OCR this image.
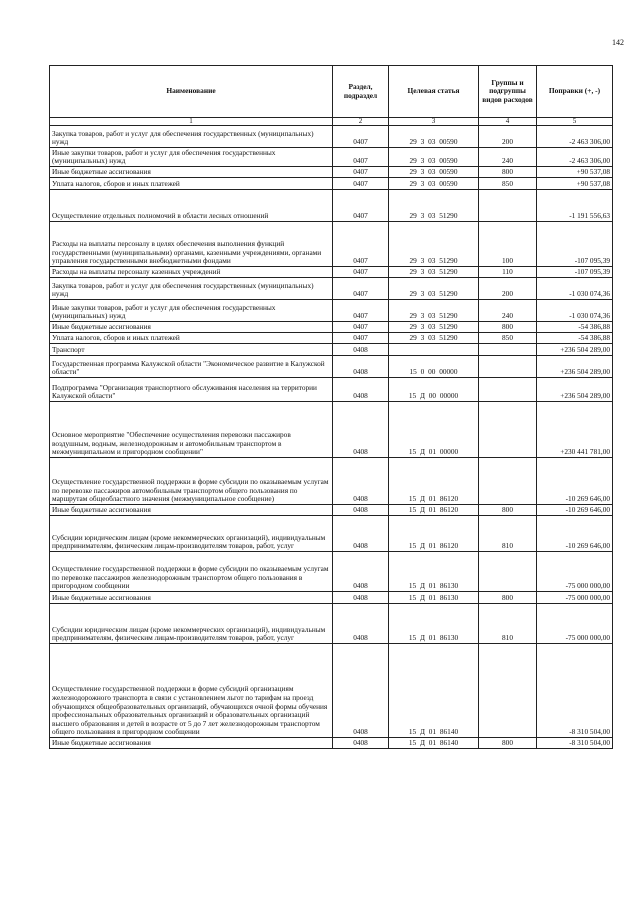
142
Наименование	Раздел, подраздел	Целевая статья	Группы и подгруппы видов расходов	Поправки (+, -)
1	2	3	4	5
Закупка товаров, работ и услуг для обеспечения государственных (муниципальных) нужд	0407	29 3 03 00590	200	-2 463 306,00
Иные закупки товаров, работ и услуг для обеспечения государственных (муниципальных) нужд	0407	29 3 03 00590	240	-2 463 306,00
Иные бюджетные ассигнования	0407	29 3 03 00590	800	+90 537,08
Уплата налогов, сборов и иных платежей	0407	29 3 03 00590	850	+90 537,08
Осуществление отдельных полномочий в области лесных отношений	0407	29 3 03 51290		-1 191 556,63
Расходы на выплаты персоналу в целях обеспечения выполнения функций государственными (муниципальными) органами, казенными учреждениями, органами управления государственными внебюджетными фондами	0407	29 3 03 51290	100	-107 095,39
Расходы на выплаты персоналу казенных учреждений	0407	29 3 03 51290	110	-107 095,39
Закупка товаров, работ и услуг для обеспечения государственных (муниципальных) нужд	0407	29 3 03 51290	200	-1 030 074,36
Иные закупки товаров, работ и услуг для обеспечения государственных (муниципальных) нужд	0407	29 3 03 51290	240	-1 030 074,36
Иные бюджетные ассигнования	0407	29 3 03 51290	800	-54 386,88
Уплата налогов, сборов и иных платежей	0407	29 3 03 51290	850	-54 386,88
Транспорт	0408			+236 504 289,00
Государственная программа Калужской области "Экономическое развитие в Калужской области"	0408	15 0 00 00000		+236 504 289,00
Подпрограмма "Организация транспортного обслуживания населения на территории Калужской области"	0408	15 Д 00 00000		+236 504 289,00
Основное мероприятие "Обеспечение осуществления перевозки пассажиров воздушным, водным, железнодорожным и автомобильным транспортом в межмуниципальном и пригородном сообщении"	0408	15 Д 01 00000		+230 441 781,00
Осуществление государственной поддержки в форме субсидии по оказываемым услугам по перевозке пассажиров автомобильным транспортом общего пользования по маршрутам общеобластного значения (межмуниципальное сообщение)	0408	15 Д 01 86120		-10 269 646,00
Иные бюджетные ассигнования	0408	15 Д 01 86120	800	-10 269 646,00
Субсидии юридическим лицам (кроме некоммерческих организаций), индивидуальным предпринимателям, физическим лицам-производителям товаров, работ, услуг	0408	15 Д 01 86120	810	-10 269 646,00
Осуществление государственной поддержки в форме субсидии по оказываемым услугам по перевозке пассажиров железнодорожным транспортом общего пользования в пригородном сообщении	0408	15 Д 01 86130		-75 000 000,00
Иные бюджетные ассигнования	0408	15 Д 01 86130	800	-75 000 000,00
Субсидии юридическим лицам (кроме некоммерческих организаций), индивидуальным предпринимателям, физическим лицам-производителям товаров, работ, услуг	0408	15 Д 01 86130	810	-75 000 000,00
Осуществление государственной поддержки в форме субсидий организациям железнодорожного транспорта в связи с установлением льгот по тарифам на проезд обучающихся общеобразовательных организаций, обучающихся очной формы обучения профессиональных образовательных организаций и образовательных организаций высшего образования и детей в возрасте от 5 до 7 лет железнодорожным транспортом общего пользования в пригородном сообщении	0408	15 Д 01 86140		-8 310 504,00
Иные бюджетные ассигнования	0408	15 Д 01 86140	800	-8 310 504,00
